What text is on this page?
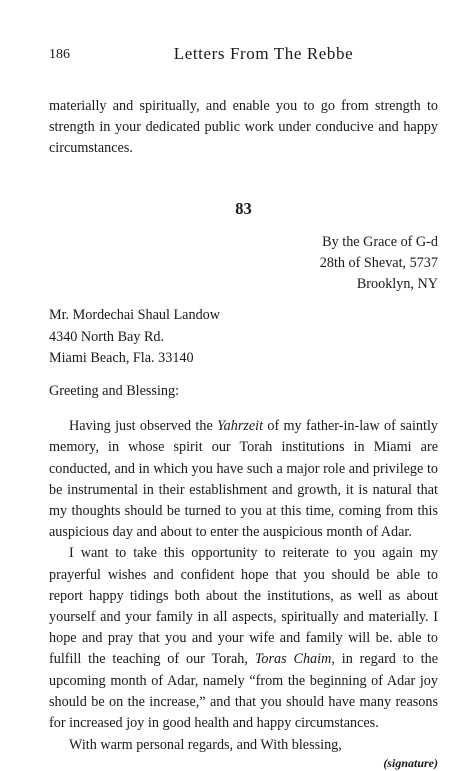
186	Letters From The Rebbe

materially and spiritually, and enable you to go from strength to strength in your dedicated public work under conducive and happy circumstances.

83
By the Grace of G-d
28th of Shevat, 5737
Brooklyn, NY
Mr. Mordechai Shaul Landow
4340 North Bay Rd.
Miami Beach, Fla. 33140
Greeting and Blessing:

Having just observed the Yahrzeit of my father-in-law of saintly memory, in whose spirit our Torah institutions in Miami are conducted, and in which you have such a major role and privilege to be instrumental in their establishment and growth, it is natural that my thoughts should be turned to you at this time, coming from this auspicious day and about to enter the auspicious month of Adar.

I want to take this opportunity to reiterate to you again my prayerful wishes and confident hope that you should be able to report happy tidings both about the institutions, as well as about yourself and your family in all aspects, spiritually and materially. I hope and pray that you and your wife and family will be. able to fulfill the teaching of our Torah, Toras Chaim, in regard to the upcoming month of Adar, namely “from the beginning of Adar joy should be on the increase,” and that you should have many reasons for increased joy in good health and happy circumstances.

With warm personal regards, and With blessing,

(signature)
